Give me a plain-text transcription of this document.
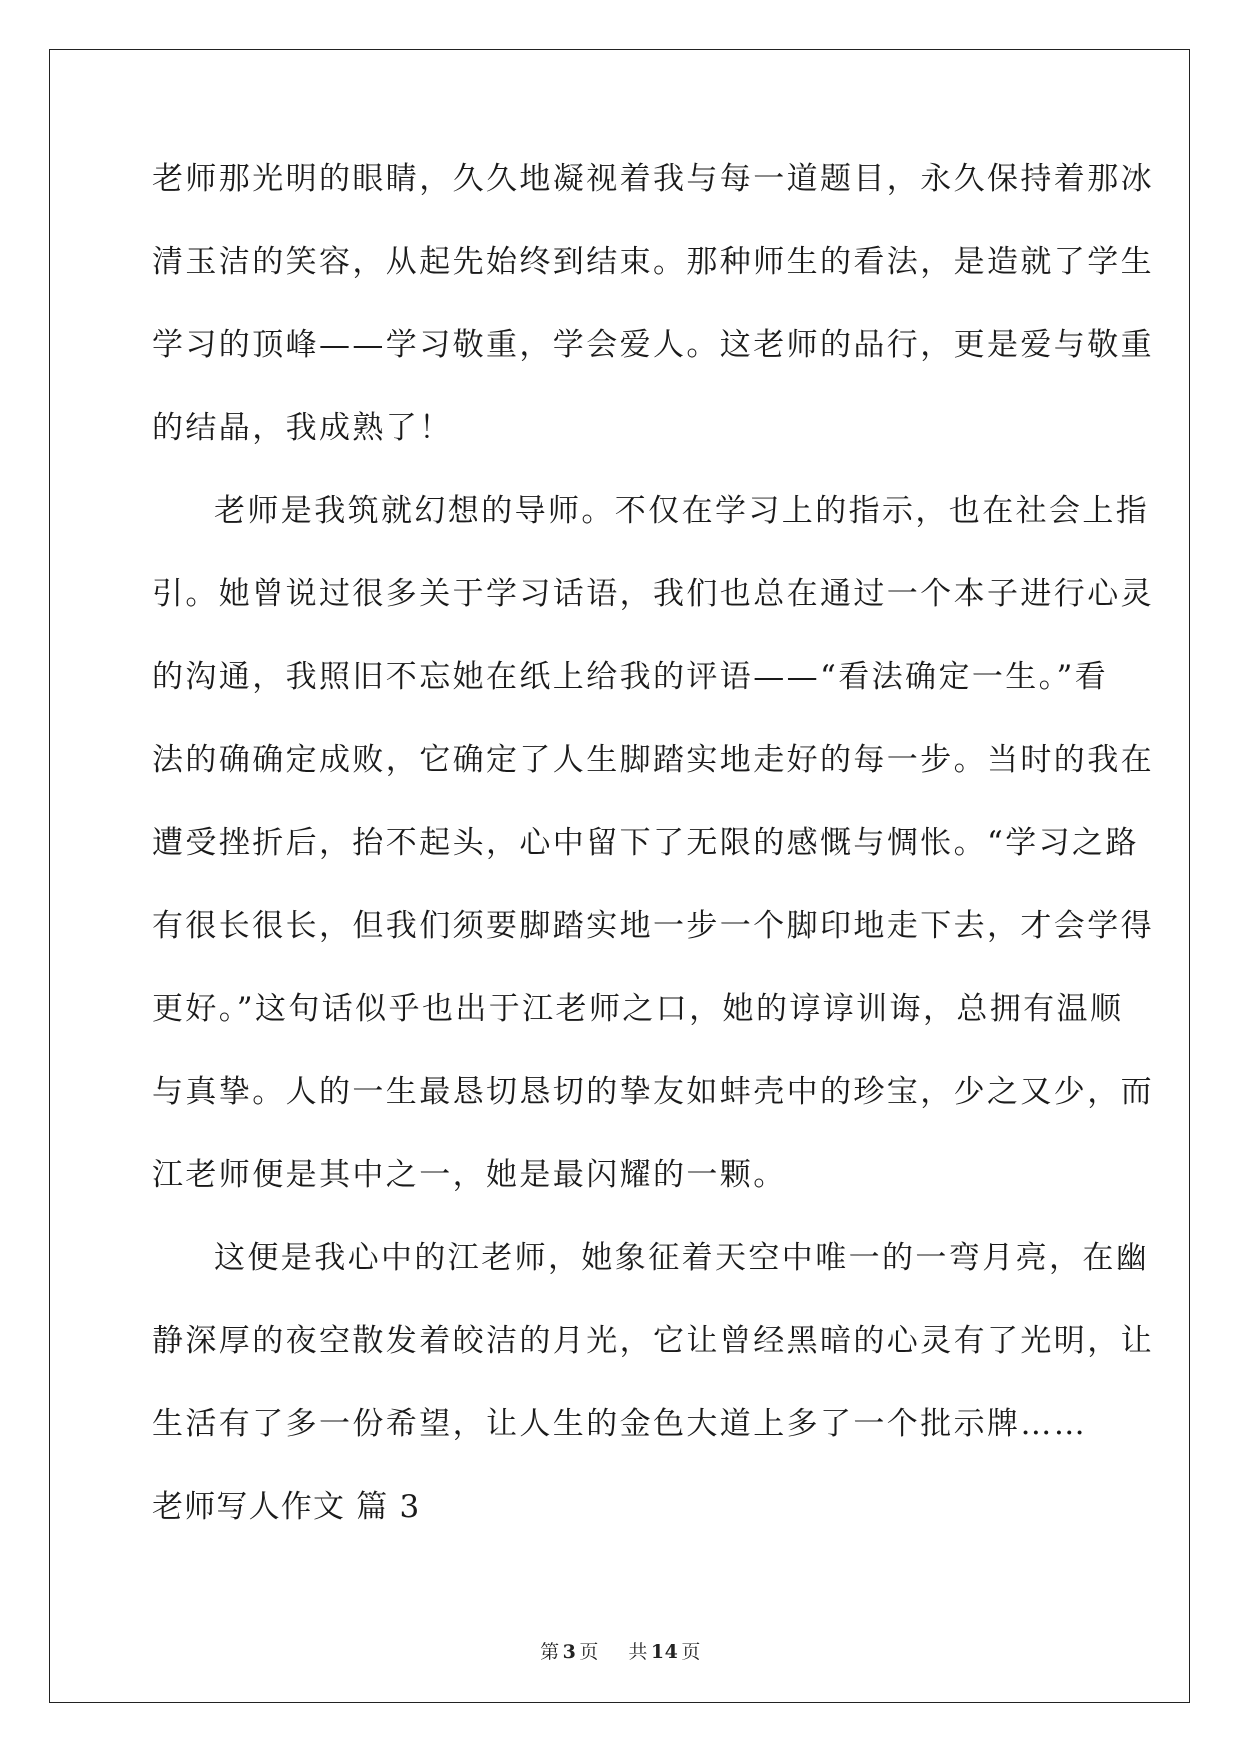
老师那光明的眼睛，久久地凝视着我与每一道题目，永久保持着那冰
清玉洁的笑容，从起先始终到结束。那种师生的看法，是造就了学生
学习的顶峰——学习敬重，学会爱人。这老师的品行，更是爱与敬重
的结晶，我成熟了！
老师是我筑就幻想的导师。不仅在学习上的指示，也在社会上指
引。她曾说过很多关于学习话语，我们也总在通过一个本子进行心灵
的沟通，我照旧不忘她在纸上给我的评语——“看法确定一生。”看
法的确确定成败，它确定了人生脚踏实地走好的每一步。当时的我在
遭受挫折后，抬不起头，心中留下了无限的感慨与惆怅。“学习之路
有很长很长，但我们须要脚踏实地一步一个脚印地走下去，才会学得
更好。”这句话似乎也出于江老师之口，她的谆谆训诲，总拥有温顺
与真挚。人的一生最恳切恳切的挚友如蚌壳中的珍宝，少之又少，而
江老师便是其中之一，她是最闪耀的一颗。
这便是我心中的江老师，她象征着天空中唯一的一弯月亮，在幽
静深厚的夜空散发着皎洁的月光，它让曾经黑暗的心灵有了光明，让
生活有了多一份希望，让人生的金色大道上多了一个批示牌……
老师写人作文 篇 3
第 3 页 共 14 页
